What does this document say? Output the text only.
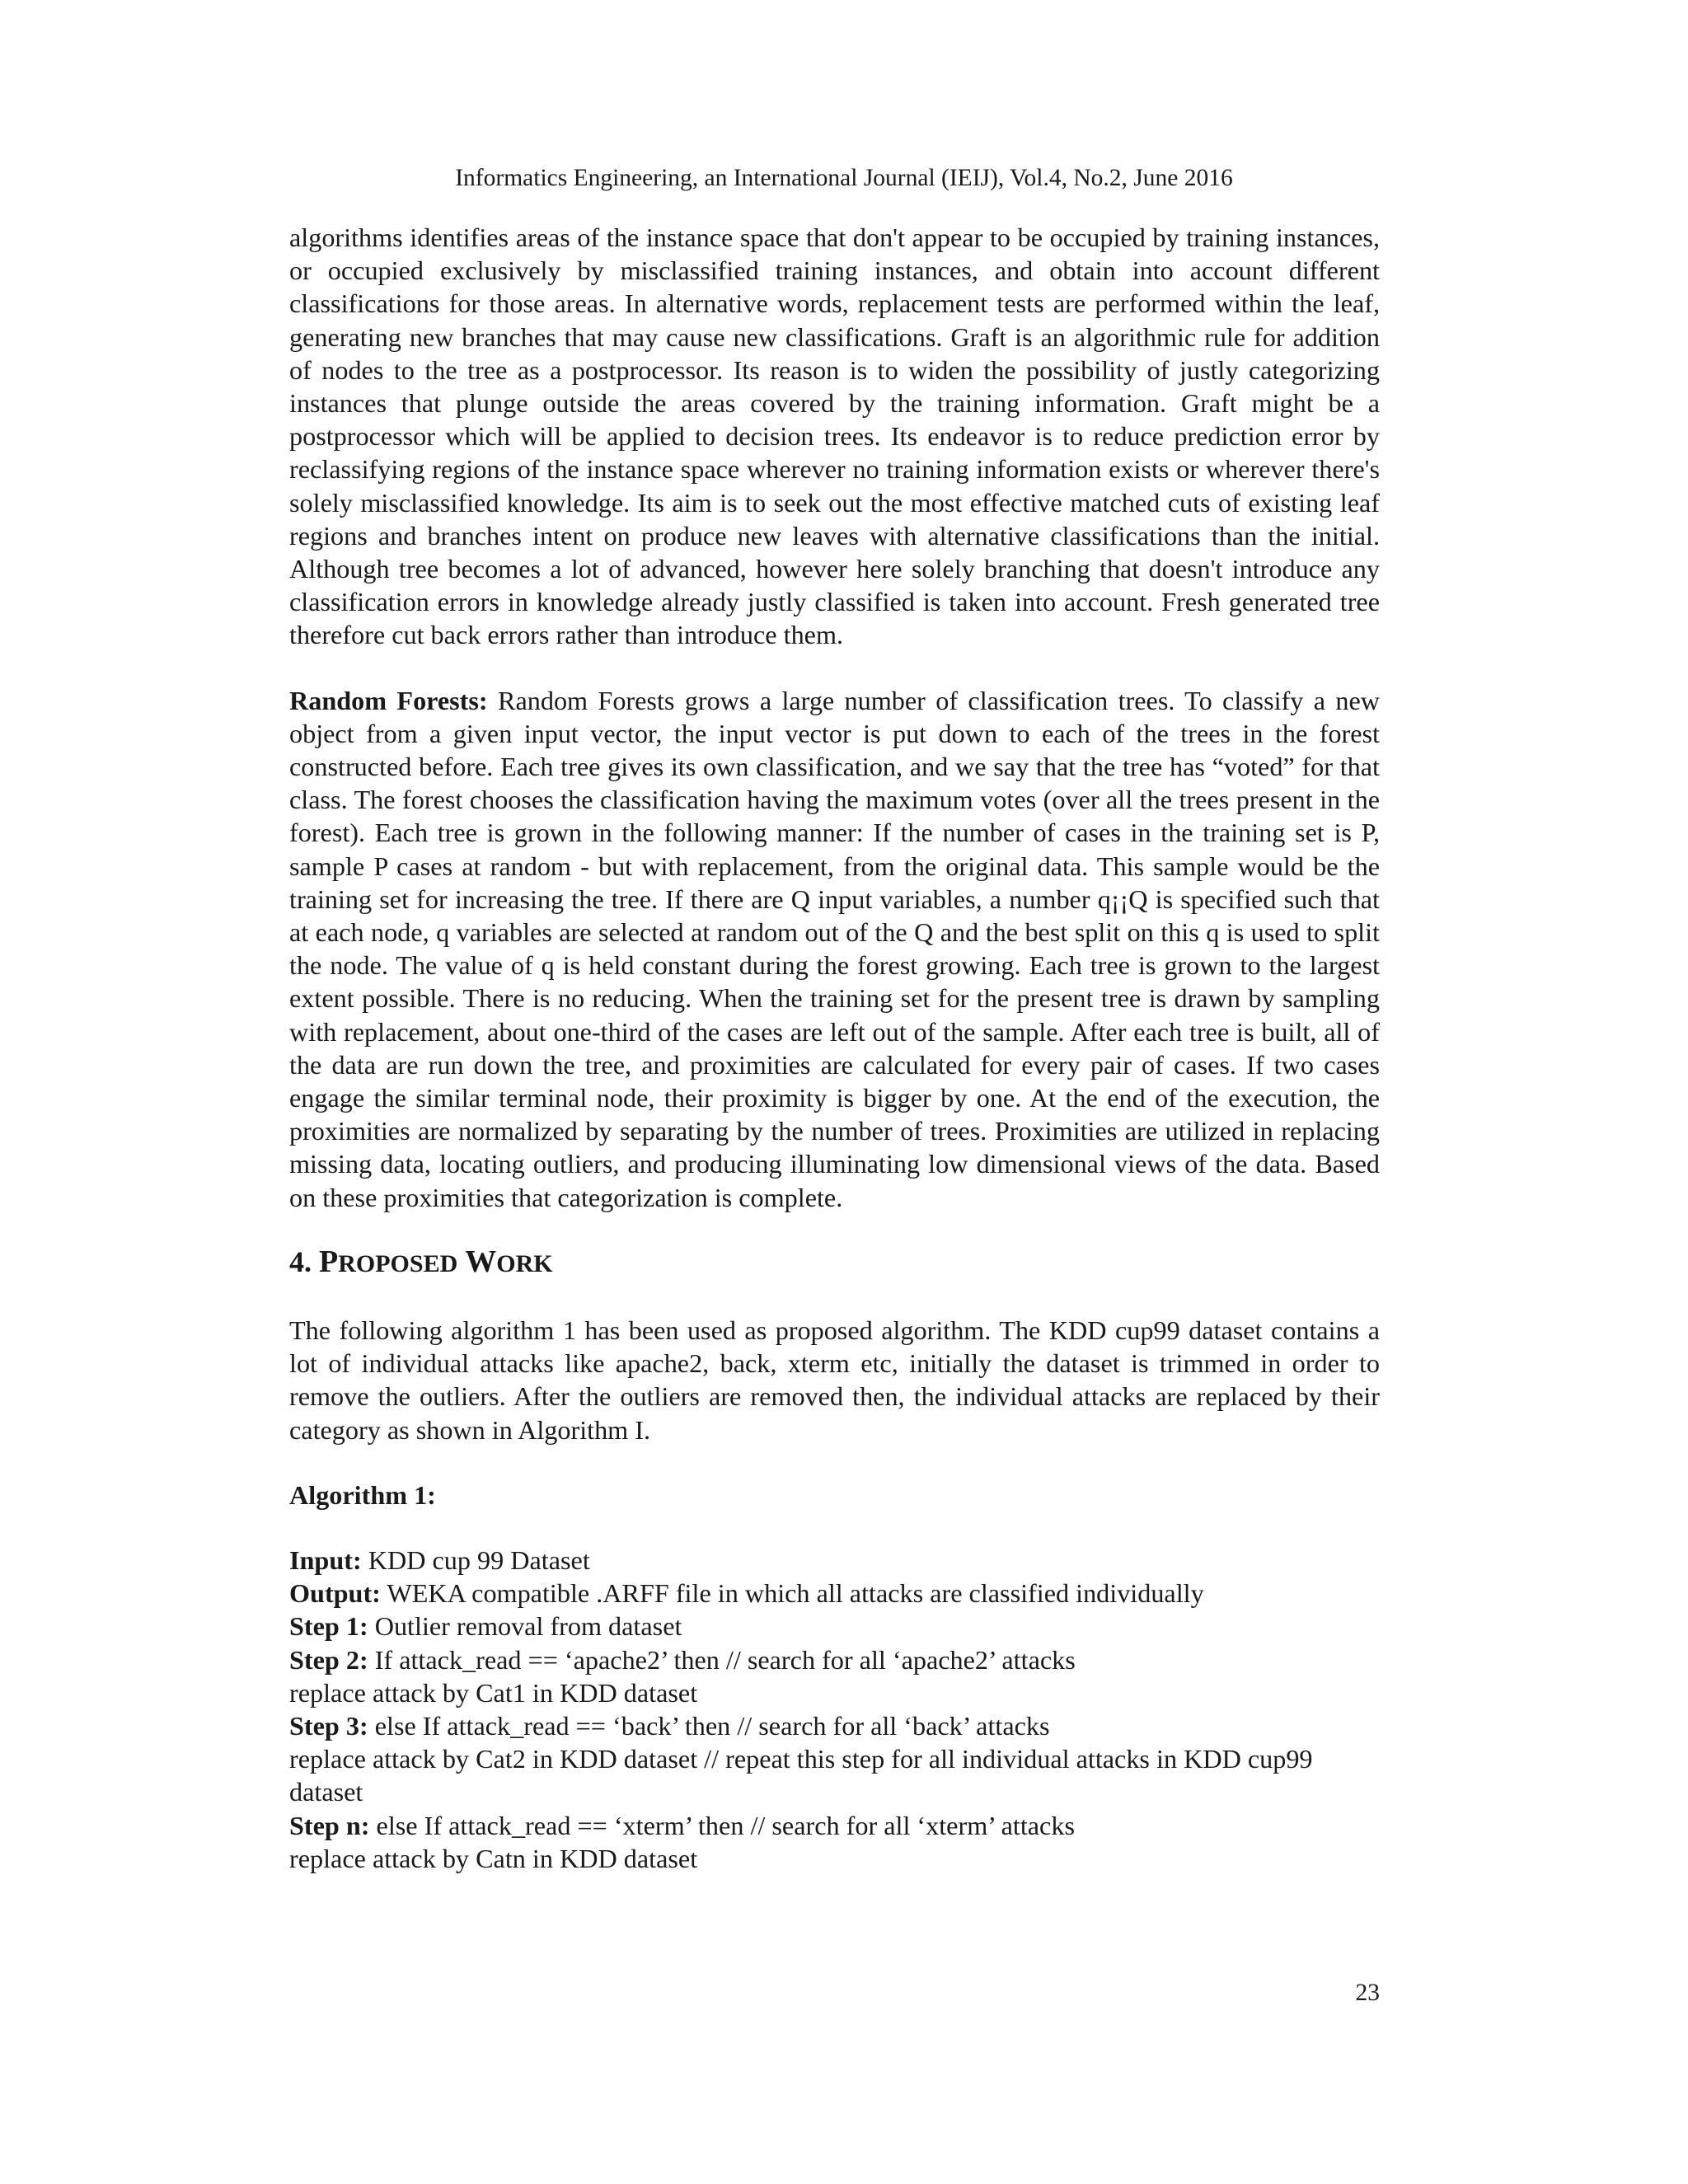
Informatics Engineering, an International Journal (IEIJ), Vol.4, No.2, June 2016

algorithms identifies areas of the instance space that don't appear to be occupied by training instances, or occupied exclusively by misclassified training instances, and obtain into account different classifications for those areas. In alternative words, replacement tests are performed within the leaf, generating new branches that may cause new classifications. Graft is an algorithmic rule for addition of nodes to the tree as a postprocessor. Its reason is to widen the possibility of justly categorizing instances that plunge outside the areas covered by the training information. Graft might be a postprocessor which will be applied to decision trees. Its endeavor is to reduce prediction error by reclassifying regions of the instance space wherever no training information exists or wherever there's solely misclassified knowledge. Its aim is to seek out the most effective matched cuts of existing leaf regions and branches intent on produce new leaves with alternative classifications than the initial. Although tree becomes a lot of advanced, however here solely branching that doesn't introduce any classification errors in knowledge already justly classified is taken into account. Fresh generated tree therefore cut back errors rather than introduce them.

Random Forests: Random Forests grows a large number of classification trees. To classify a new object from a given input vector, the input vector is put down to each of the trees in the forest constructed before. Each tree gives its own classification, and we say that the tree has “voted” for that class. The forest chooses the classification having the maximum votes (over all the trees present in the forest). Each tree is grown in the following manner: If the number of cases in the training set is P, sample P cases at random - but with replacement, from the original data. This sample would be the training set for increasing the tree. If there are Q input variables, a number q¡¡Q is specified such that at each node, q variables are selected at random out of the Q and the best split on this q is used to split the node. The value of q is held constant during the forest growing. Each tree is grown to the largest extent possible. There is no reducing. When the training set for the present tree is drawn by sampling with replacement, about one-third of the cases are left out of the sample. After each tree is built, all of the data are run down the tree, and proximities are calculated for every pair of cases. If two cases engage the similar terminal node, their proximity is bigger by one. At the end of the execution, the proximities are normalized by separating by the number of trees. Proximities are utilized in replacing missing data, locating outliers, and producing illuminating low dimensional views of the data. Based on these proximities that categorization is complete.

4. PROPOSED WORK

The following algorithm 1 has been used as proposed algorithm. The KDD cup99 dataset contains a lot of individual attacks like apache2, back, xterm etc, initially the dataset is trimmed in order to remove the outliers. After the outliers are removed then, the individual attacks are replaced by their category as shown in Algorithm I.

Algorithm 1:

Input: KDD cup 99 Dataset
Output: WEKA compatible .ARFF file in which all attacks are classified individually
Step 1: Outlier removal from dataset
Step 2: If attack_read == ‘apache2’ then // search for all ‘apache2’ attacks
replace attack by Cat1 in KDD dataset
Step 3: else If attack_read == ‘back’ then // search for all ‘back’ attacks
replace attack by Cat2 in KDD dataset // repeat this step for all individual attacks in KDD cup99 dataset
Step n: else If attack_read == ‘xterm’ then // search for all ‘xterm’ attacks
replace attack by Catn in KDD dataset
23
